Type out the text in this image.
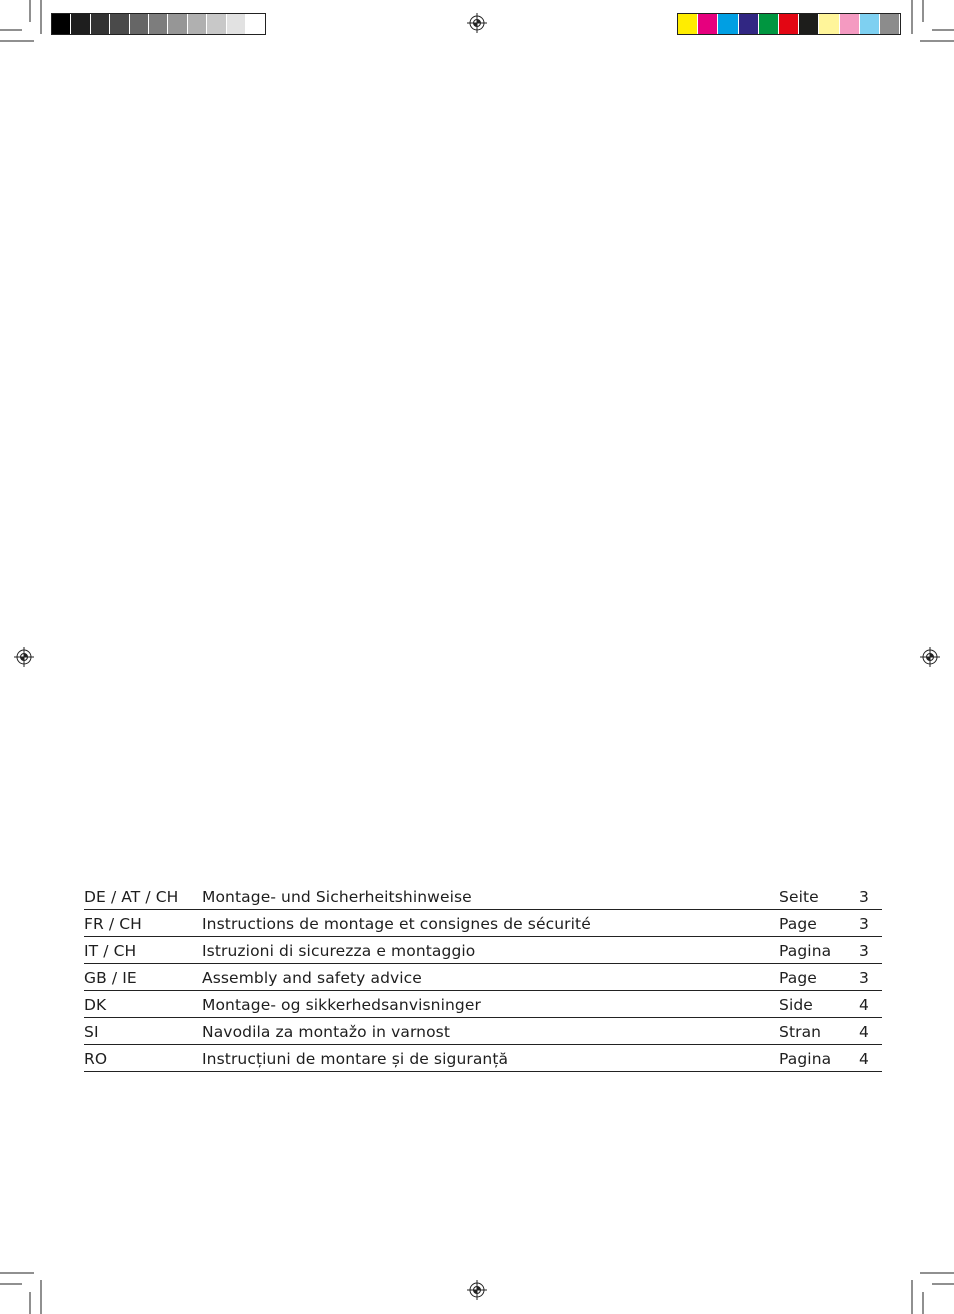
DE / AT / CH	Montage- und Sicherheitshinweise	Seite	3
FR / CH	Instructions de montage et consignes de sécurité	Page	3
IT / CH	Istruzioni di sicurezza e montaggio	Pagina	3
GB / IE	Assembly and safety advice	Page	3
DK	Montage- og sikkerhedsanvisninger	Side	4
SI	Navodila za montažo in varnost	Stran	4
RO	Instrucțiuni de montare și de siguranță	Pagina	4
